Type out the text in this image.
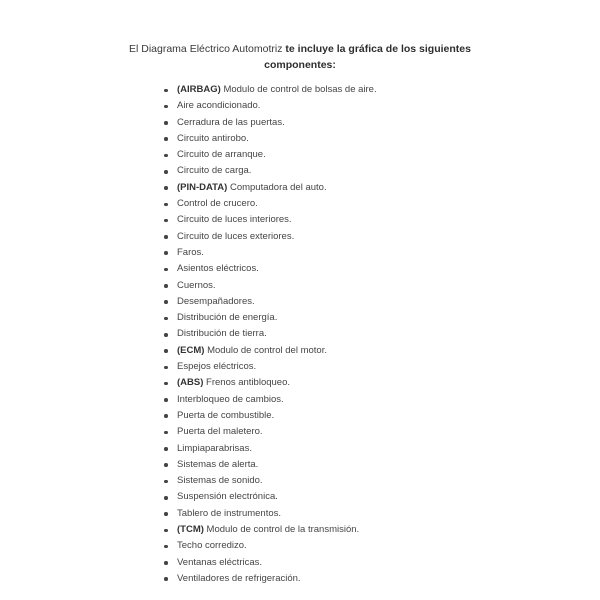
El Diagrama Eléctrico Automotriz te incluye la gráfica de los siguientes
componentes:
(AIRBAG) Modulo de control de bolsas de aire.
Aire acondicionado.
Cerradura de las puertas.
Circuito antirobo.
Circuito de arranque.
Circuito de carga.
(PIN-DATA) Computadora del auto.
Control de crucero.
Circuito de luces interiores.
Circuito de luces exteriores.
Faros.
Asientos eléctricos.
Cuernos.
Desempañadores.
Distribución de energía.
Distribución de tierra.
(ECM) Modulo de control del motor.
Espejos eléctricos.
(ABS) Frenos antibloqueo.
Interbloqueo de cambios.
Puerta de combustible.
Puerta del maletero.
Limpiaparabrisas.
Sistemas de alerta.
Sistemas de sonido.
Suspensión electrónica.
Tablero de instrumentos.
(TCM) Modulo de control de la transmisión.
Techo corredizo.
Ventanas eléctricas.
Ventiladores de refrigeración.
